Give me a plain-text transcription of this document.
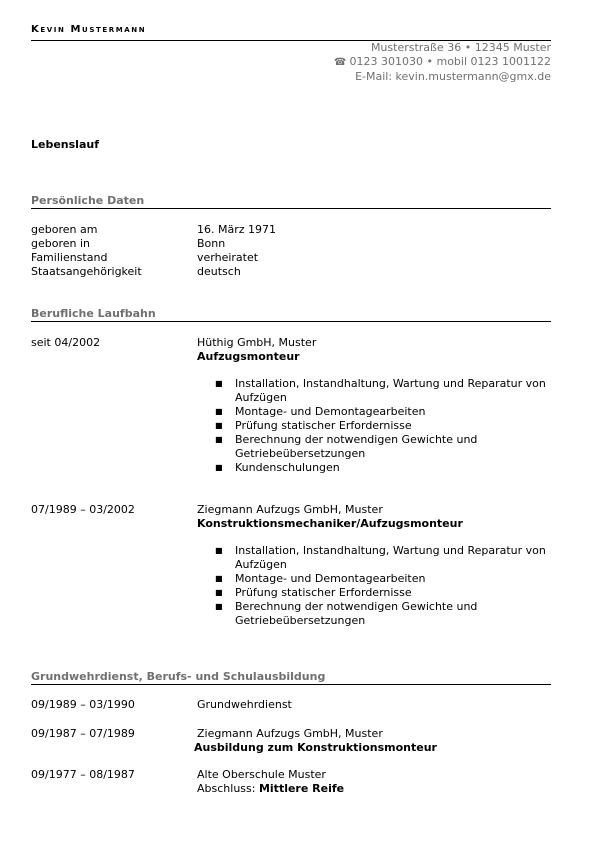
Kevin Mustermann
Musterstraße 36 • 12345 Muster
☎ 0123 301030 • mobil 0123 1001122
E-Mail: kevin.mustermann@gmx.de
Lebenslauf
Persönliche Daten
geboren am	16. März 1971
geboren in	Bonn
Familienstand	verheiratet
Staatsangehörigkeit	deutsch
Berufliche Laufbahn
seit 04/2002	Hüthig GmbH, Muster
Aufzugsmonteur
■ Installation, Instandhaltung, Wartung und Reparatur von Aufzügen
■ Montage- und Demontagearbeiten
■ Prüfung statischer Erfordernisse
■ Berechnung der notwendigen Gewichte und Getriebeübersetzungen
■ Kundenschulungen
07/1989 – 03/2002	Ziegmann Aufzugs GmbH, Muster
Konstruktionsmechaniker/Aufzugsmonteur
■ Installation, Instandhaltung, Wartung und Reparatur von Aufzügen
■ Montage- und Demontagearbeiten
■ Prüfung statischer Erfordernisse
■ Berechnung der notwendigen Gewichte und Getriebeübersetzungen
Grundwehrdienst, Berufs- und Schulausbildung
09/1989 – 03/1990	Grundwehrdienst
09/1987 – 07/1989	Ziegmann Aufzugs GmbH, Muster
Ausbildung zum Konstruktionsmonteur
09/1977 – 08/1987	Alte Oberschule Muster
Abschluss: Mittlere Reife
